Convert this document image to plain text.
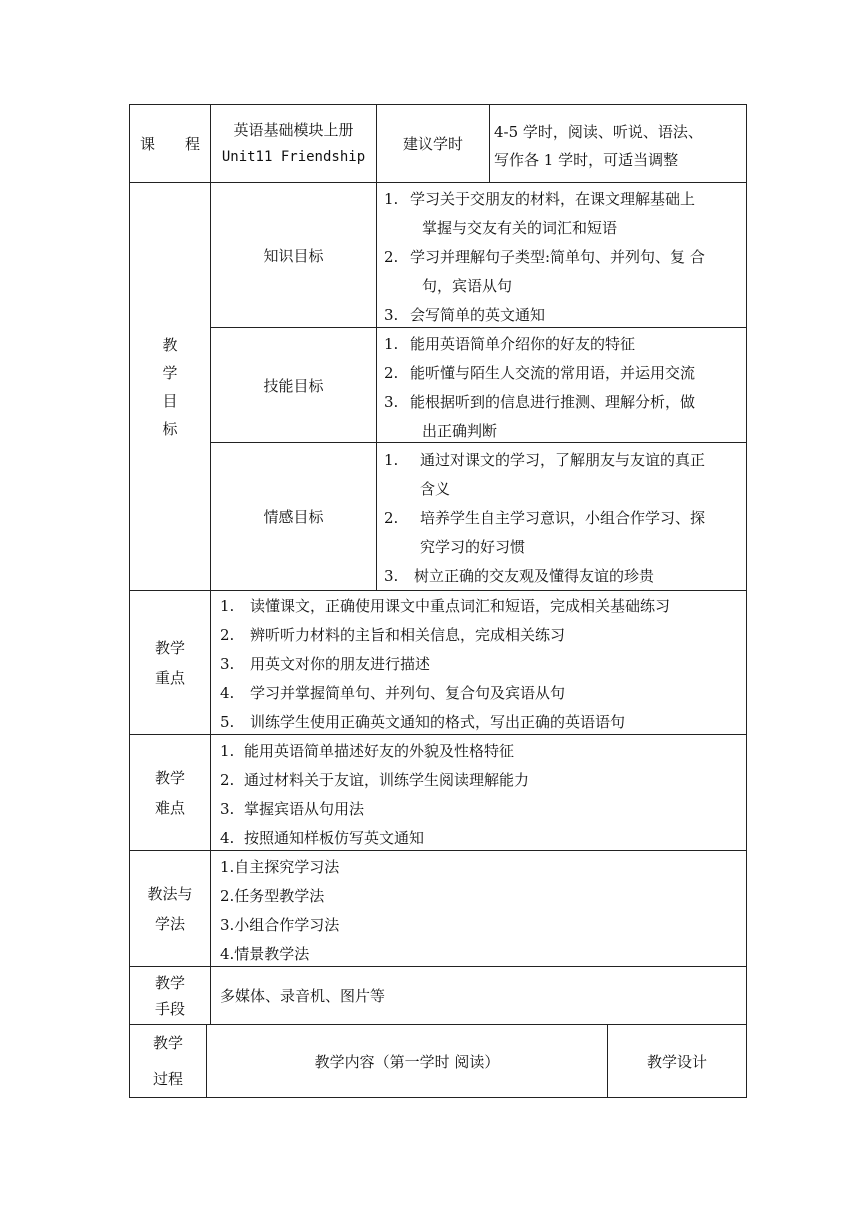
课　　程
英语基础模块上册
Unit11 Friendship
建议学时
4-5 学时，阅读、听说、语法、
写作各 1 学时，可适当调整
教
学
目
标
知识目标
1. 学习关于交朋友的材料，在课文理解基础上
掌握与交友有关的词汇和短语
2. 学习并理解句子类型:简单句、并列句、复 合
句，宾语从句
3. 会写简单的英文通知
技能目标
1. 能用英语简单介绍你的好友的特征
2. 能听懂与陌生人交流的常用语，并运用交流
3. 能根据听到的信息进行推测、理解分析，做
出正确判断
情感目标
1. 通过对课文的学习，了解朋友与友谊的真正
含义
2. 培养学生自主学习意识，小组合作学习、探
究学习的好习惯
3. 树立正确的交友观及懂得友谊的珍贵
教学
重点
1. 读懂课文，正确使用课文中重点词汇和短语，完成相关基础练习
2. 辨听听力材料的主旨和相关信息，完成相关练习
3. 用英文对你的朋友进行描述
4. 学习并掌握简单句、并列句、复合句及宾语从句
5. 训练学生使用正确英文通知的格式，写出正确的英语语句
教学
难点
1. 能用英语简单描述好友的外貌及性格特征
2. 通过材料关于友谊，训练学生阅读理解能力
3. 掌握宾语从句用法
4. 按照通知样板仿写英文通知
教法与
学法
1.自主探究学习法
2.任务型教学法
3.小组合作学习法
4.情景教学法
教学
手段
多媒体、录音机、图片等
教学
过程
教学内容（第一学时 阅读）	教学设计
